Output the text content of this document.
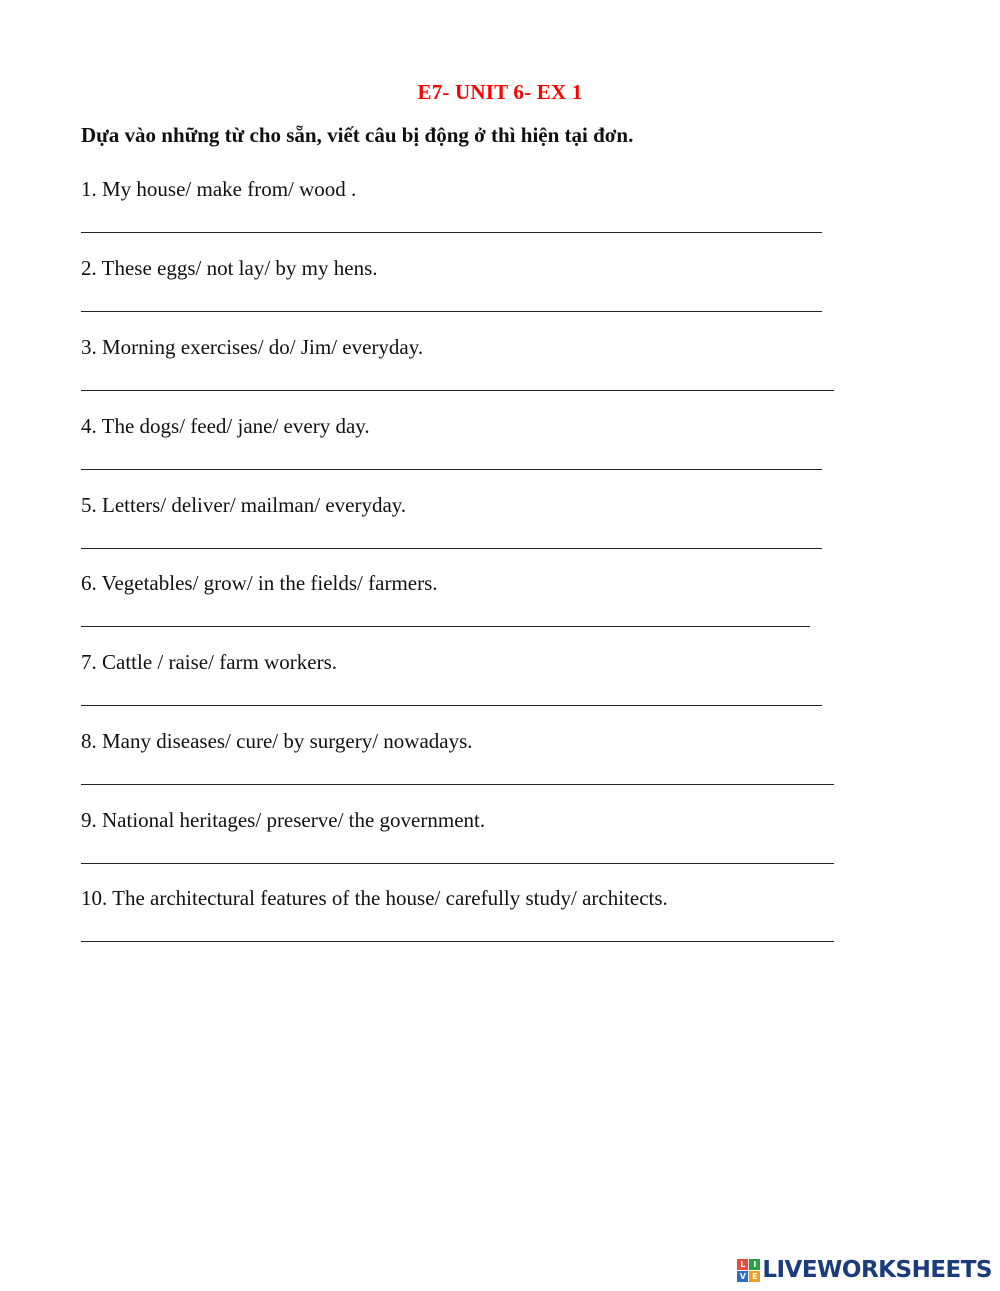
E7- UNIT 6- EX 1
Dựa vào những từ cho sẵn, viết câu bị động ở thì hiện tại đơn.
1. My house/ make from/ wood .
2. These eggs/ not lay/ by my hens.
3. Morning exercises/ do/ Jim/ everyday.
4. The dogs/ feed/ jane/ every day.
5. Letters/ deliver/ mailman/ everyday.
6. Vegetables/ grow/ in the fields/ farmers.
7. Cattle / raise/ farm workers.
8. Many diseases/ cure/ by surgery/ nowadays.
9. National heritages/ preserve/ the government.
10. The architectural features of the house/ carefully study/ architects.
L I
V E LIVEWORKSHEETS
